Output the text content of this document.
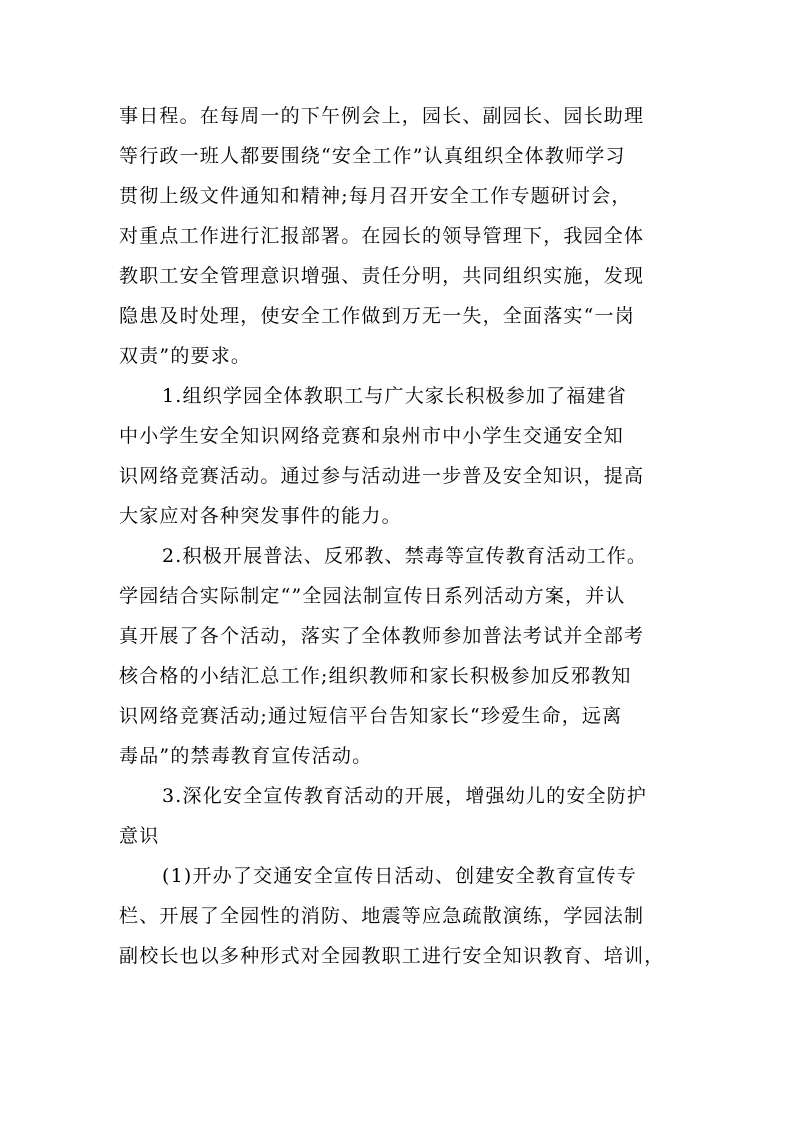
事日程。在每周一的下午例会上，园长、副园长、园长助理
等行政一班人都要围绕“安全工作”认真组织全体教师学习
贯彻上级文件通知和精神;每月召开安全工作专题研讨会，
对重点工作进行汇报部署。在园长的领导管理下，我园全体
教职工安全管理意识增强、责任分明，共同组织实施，发现
隐患及时处理，使安全工作做到万无一失，全面落实“一岗
双责”的要求。
1.组织学园全体教职工与广大家长积极参加了福建省
中小学生安全知识网络竞赛和泉州市中小学生交通安全知
识网络竞赛活动。通过参与活动进一步普及安全知识，提高
大家应对各种突发事件的能力。
2.积极开展普法、反邪教、禁毒等宣传教育活动工作。
学园结合实际制定“”全园法制宣传日系列活动方案，并认
真开展了各个活动，落实了全体教师参加普法考试并全部考
核合格的小结汇总工作;组织教师和家长积极参加反邪教知
识网络竞赛活动;通过短信平台告知家长“珍爱生命，远离
毒品”的禁毒教育宣传活动。
3.深化安全宣传教育活动的开展，增强幼儿的安全防护
意识
(1)开办了交通安全宣传日活动、创建安全教育宣传专
栏、开展了全园性的消防、地震等应急疏散演练，学园法制
副校长也以多种形式对全园教职工进行安全知识教育、培训，
